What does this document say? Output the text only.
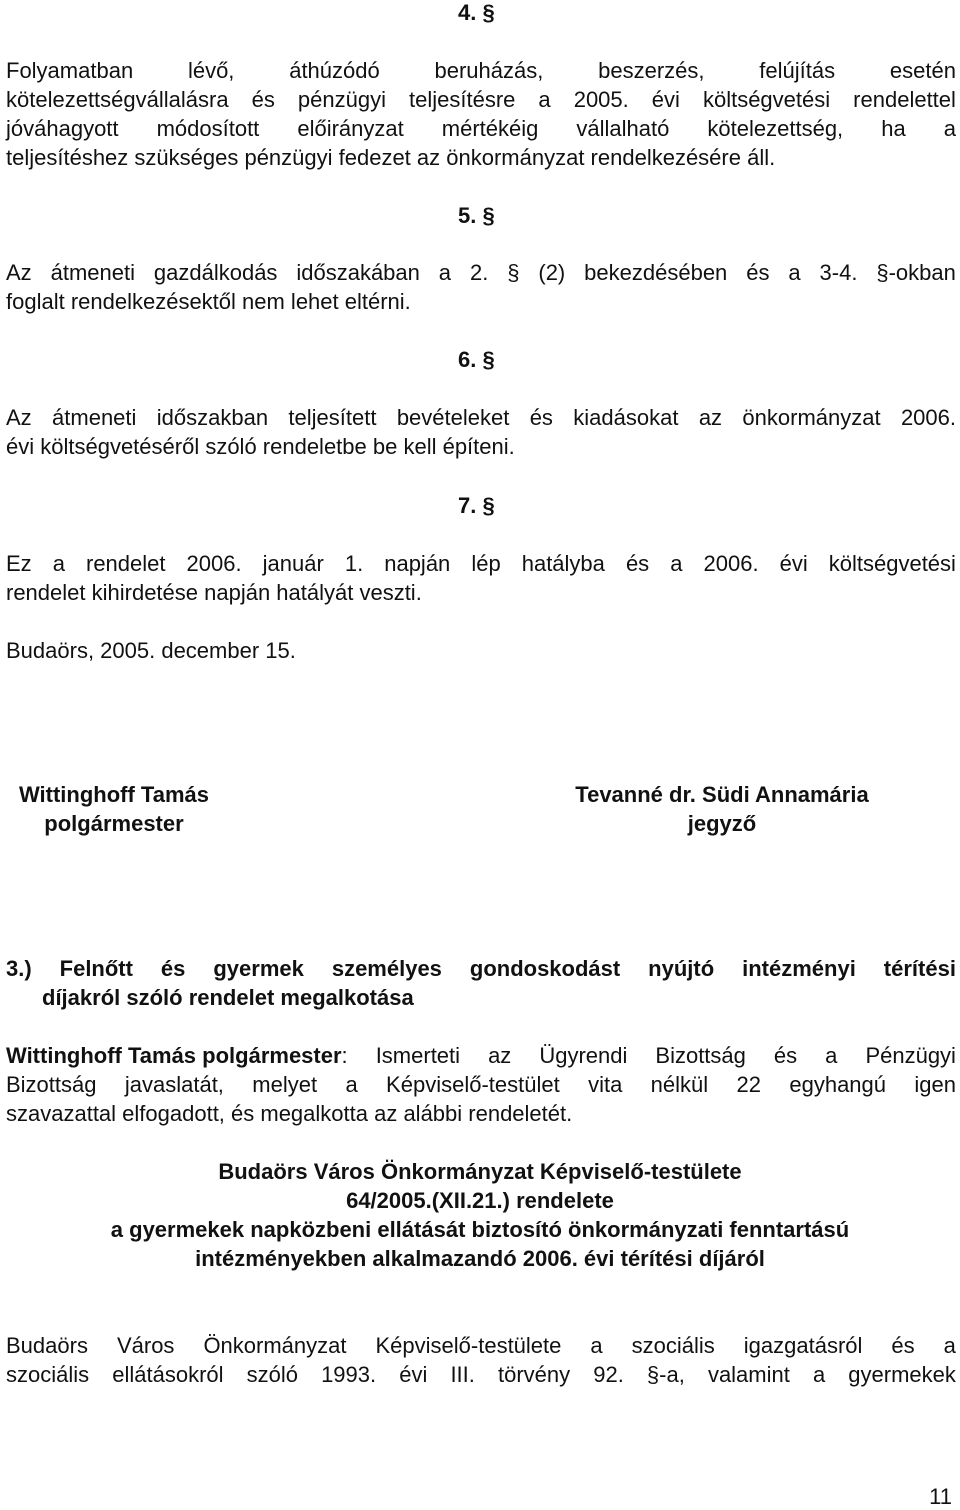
4. §
Folyamatban lévő, áthúzódó beruházás, beszerzés, felújítás esetén
kötelezettségvállalásra és pénzügyi teljesítésre a 2005. évi költségvetési rendelettel
jóváhagyott módosított előirányzat mértékéig vállalható kötelezettség, ha a
teljesítéshez szükséges pénzügyi fedezet az önkormányzat rendelkezésére áll.
5. §
Az átmeneti gazdálkodás időszakában a 2. § (2) bekezdésében és a 3-4. §-okban
foglalt rendelkezésektől nem lehet eltérni.
6. §
Az átmeneti időszakban teljesített bevételeket és kiadásokat az önkormányzat 2006.
évi költségvetéséről szóló rendeletbe be kell építeni.
7. §
Ez a rendelet 2006. január 1. napján lép hatályba és a 2006. évi költségvetési
rendelet kihirdetése napján hatályát veszti.
Budaörs, 2005. december 15.
Wittinghoff Tamás
polgármester
Tevanné dr. Südi Annamária
jegyző
3.) Felnőtt és gyermek személyes gondoskodást nyújtó intézményi térítési
díjakról szóló rendelet megalkotása
Wittinghoff Tamás polgármester: Ismerteti az Ügyrendi Bizottság és a Pénzügyi
Bizottság javaslatát, melyet a Képviselő-testület vita nélkül 22 egyhangú igen
szavazattal elfogadott, és megalkotta az alábbi rendeletét.
Budaörs Város Önkormányzat Képviselő-testülete
64/2005.(XII.21.) rendelete
a gyermekek napközbeni ellátását biztosító önkormányzati fenntartású
intézményekben alkalmazandó 2006. évi térítési díjáról
Budaörs Város Önkormányzat Képviselő-testülete a szociális igazgatásról és a
szociális ellátásokról szóló 1993. évi III. törvény 92. §-a, valamint a gyermekek
11
